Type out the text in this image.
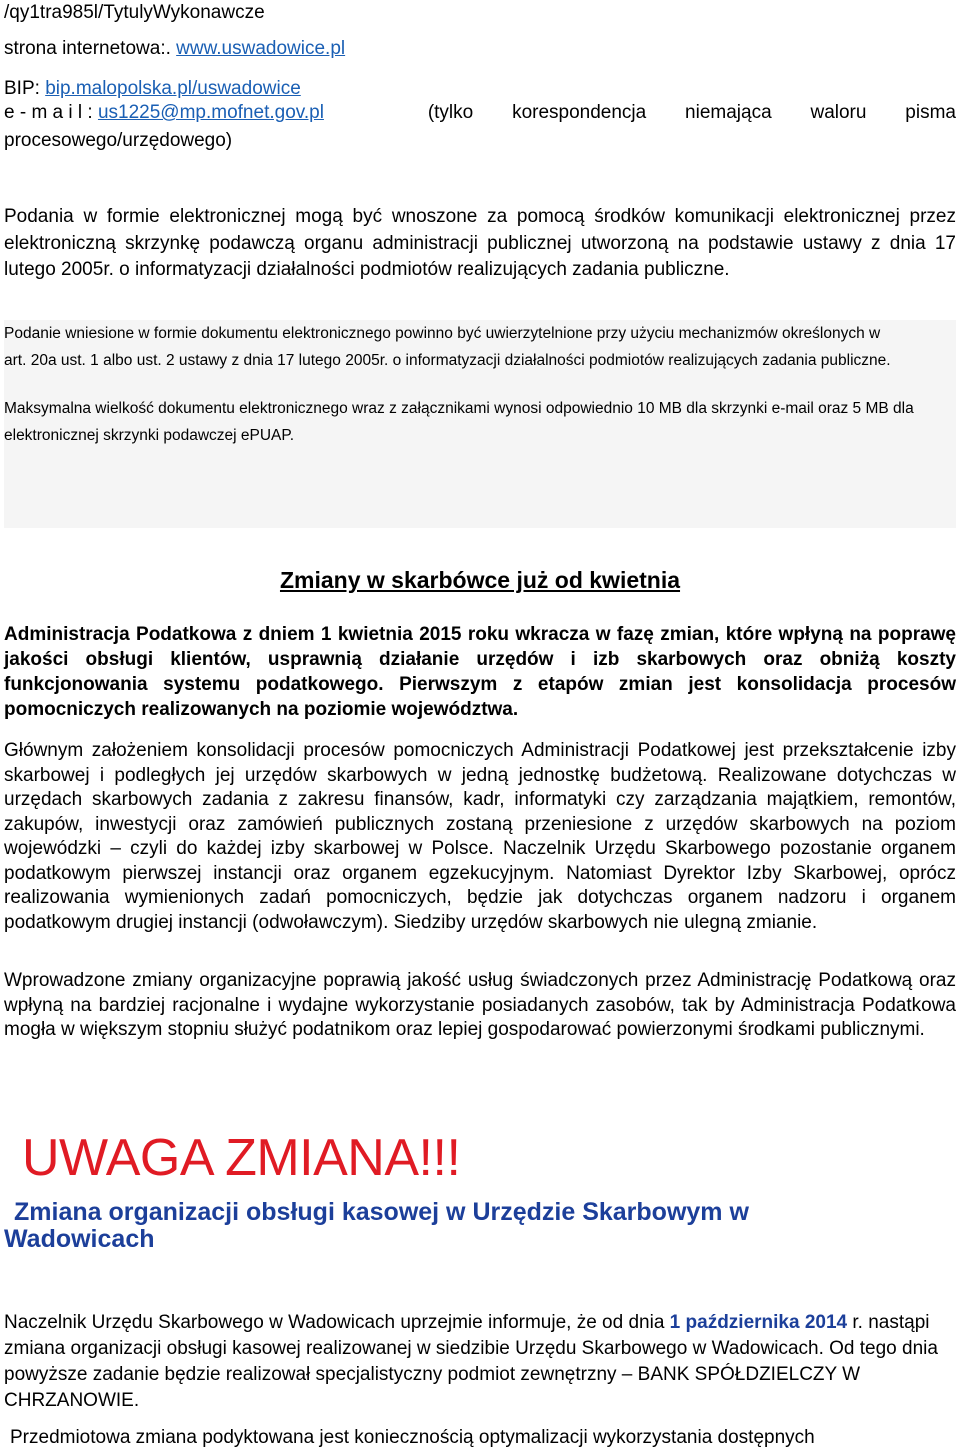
/qy1tra985l/TytulyWykonawcze
strona internetowa:. www.uswadowice.pl
BIP: bip.malopolska.pl/uswadowice
e - m a i l : us1225@mp.mofnet.gov.pl	(tylko korespondencja niemająca waloru pisma
procesowego/urzędowego)
Podania w formie elektronicznej mogą być wnoszone za pomocą środków komunikacji elektronicznej przez elektroniczną skrzynkę podawczą organu administracji publicznej utworzoną na podstawie ustawy z dnia 17 lutego 2005r. o informatyzacji działalności podmiotów realizujących zadania publiczne.
Podanie wniesione w formie dokumentu elektronicznego powinno być uwierzytelnione przy użyciu mechanizmów określonych w art. 20a ust. 1 albo ust. 2 ustawy z dnia 17 lutego 2005r. o informatyzacji działalności podmiotów realizujących zadania publiczne.
Maksymalna wielkość dokumentu elektronicznego wraz z załącznikami wynosi odpowiednio 10 MB dla skrzynki e-mail oraz 5 MB dla elektronicznej skrzynki podawczej ePUAP.
Zmiany w skarbówce już od kwietnia
Administracja Podatkowa z dniem 1 kwietnia 2015 roku wkracza w fazę zmian, które wpłyną na poprawę jakości obsługi klientów, usprawnią działanie urzędów i izb skarbowych oraz obniżą koszty funkcjonowania systemu podatkowego. Pierwszym z etapów zmian jest konsolidacja procesów pomocniczych realizowanych na poziomie województwa.
Głównym założeniem konsolidacji procesów pomocniczych Administracji Podatkowej jest przekształcenie izby skarbowej i podległych jej urzędów skarbowych w jedną jednostkę budżetową. Realizowane dotychczas w urzędach skarbowych zadania z zakresu finansów, kadr, informatyki czy zarządzania majątkiem, remontów, zakupów, inwestycji oraz zamówień publicznych zostaną przeniesione z urzędów skarbowych na poziom wojewódzki – czyli do każdej izby skarbowej w Polsce. Naczelnik Urzędu Skarbowego pozostanie organem podatkowym pierwszej instancji oraz organem egzekucyjnym. Natomiast Dyrektor Izby Skarbowej, oprócz realizowania wymienionych zadań pomocniczych, będzie jak dotychczas organem nadzoru i organem podatkowym drugiej instancji (odwoławczym). Siedziby urzędów skarbowych nie ulegną zmianie.
Wprowadzone zmiany organizacyjne poprawią jakość usług świadczonych przez Administrację Podatkową oraz wpłyną na bardziej racjonalne i wydajne wykorzystanie posiadanych zasobów, tak by Administracja Podatkowa mogła w większym stopniu służyć podatnikom oraz lepiej gospodarować powierzonymi środkami publicznymi.
UWAGA ZMIANA!!!
Zmiana organizacji obsługi kasowej w Urzędzie Skarbowym w
Wadowicach
Naczelnik Urzędu Skarbowego w Wadowicach uprzejmie informuje, że od dnia 1 października 2014 r. nastąpi zmiana organizacji obsługi kasowej realizowanej w siedzibie Urzędu Skarbowego w Wadowicach. Od tego dnia powyższe zadanie będzie realizował specjalistyczny podmiot zewnętrzny – BANK SPÓŁDZIELCZY W CHRZANOWIE.
Przedmiotowa zmiana podyktowana jest koniecznością optymalizacji wykorzystania dostępnych
